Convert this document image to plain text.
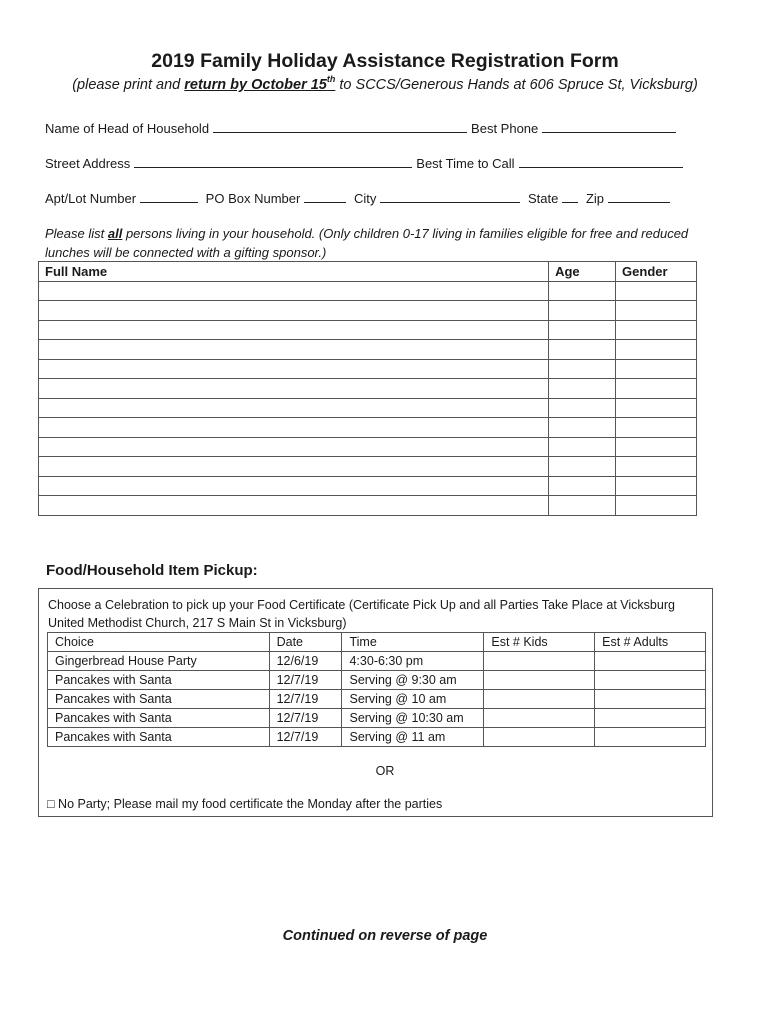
2019 Family Holiday Assistance Registration Form
(please print and return by October 15th to SCCS/Generous Hands at 606 Spruce St, Vicksburg)
Name of Head of Household	Best Phone
Street Address	Best Time to Call
Apt/Lot Number	PO Box Number	City	State Zip
Please list all persons living in your household. (Only children 0-17 living in families eligible for free and reduced lunches will be connected with a gifting sponsor.)
Full Name	Age	Gender

Food/Household Item Pickup:
Choose a Celebration to pick up your Food Certificate (Certificate Pick Up and all Parties Take Place at Vicksburg United Methodist Church, 217 S Main St in Vicksburg)
Choice	Date	Time	Est # Kids	Est # Adults
Gingerbread House Party	12/6/19	4:30-6:30 pm		
Pancakes with Santa	12/7/19	Serving @ 9:30 am		
Pancakes with Santa	12/7/19	Serving @ 10 am		
Pancakes with Santa	12/7/19	Serving @ 10:30 am		
Pancakes with Santa	12/7/19	Serving @ 11 am		
OR
□ No Party; Please mail my food certificate the Monday after the parties
Continued on reverse of page
